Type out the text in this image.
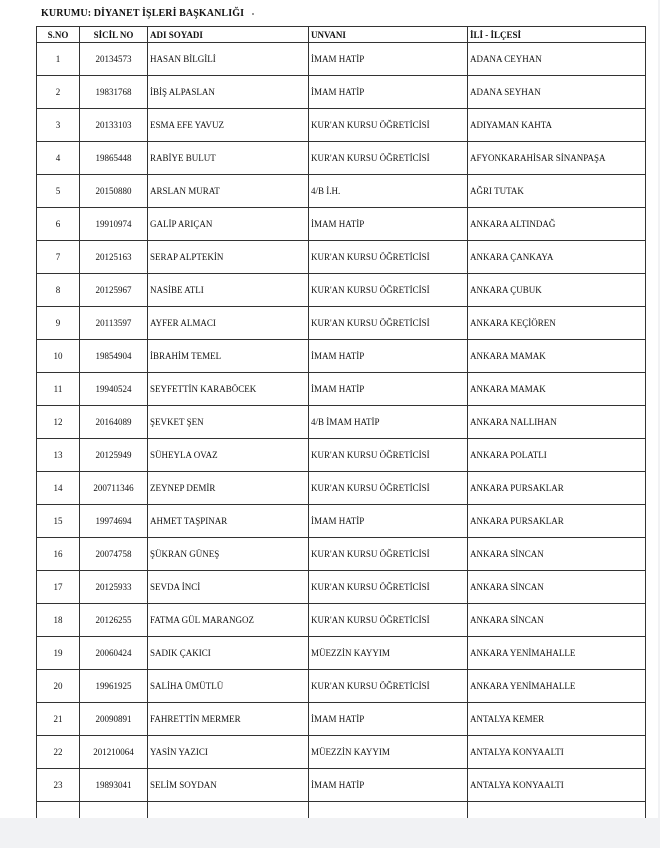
KURUMU: DİYANET İŞLERİ BAŞKANLIĞI
S.NO	SİCİL NO	ADI SOYADI	UNVANI	İLİ - İLÇESİ
1	20134573	HASAN BİLGİLİ	İMAM HATİP	ADANA CEYHAN
2	19831768	İBİŞ ALPASLAN	İMAM HATİP	ADANA SEYHAN
3	20133103	ESMA EFE YAVUZ	KUR'AN KURSU ÖĞRETİCİSİ	ADIYAMAN KAHTA
4	19865448	RABİYE BULUT	KUR'AN KURSU ÖĞRETİCİSİ	AFYONKARAHİSAR SİNANPAŞA
5	20150880	ARSLAN MURAT	4/B İ.H.	AĞRI TUTAK
6	19910974	GALİP ARIÇAN	İMAM HATİP	ANKARA ALTINDAĞ
7	20125163	SERAP ALPTEKİN	KUR'AN KURSU ÖĞRETİCİSİ	ANKARA ÇANKAYA
8	20125967	NASİBE ATLI	KUR'AN KURSU ÖĞRETİCİSİ	ANKARA ÇUBUK
9	20113597	AYFER ALMACI	KUR'AN KURSU ÖĞRETİCİSİ	ANKARA KEÇİÖREN
10	19854904	İBRAHİM TEMEL	İMAM HATİP	ANKARA MAMAK
11	19940524	SEYFETTİN KARABÖCEK	İMAM HATİP	ANKARA MAMAK
12	20164089	ŞEVKET ŞEN	4/B İMAM HATİP	ANKARA NALLIHAN
13	20125949	SÜHEYLA OVAZ	KUR'AN KURSU ÖĞRETİCİSİ	ANKARA POLATLI
14	200711346	ZEYNEP DEMİR	KUR'AN KURSU ÖĞRETİCİSİ	ANKARA PURSAKLAR
15	19974694	AHMET TAŞPINAR	İMAM HATİP	ANKARA PURSAKLAR
16	20074758	ŞÜKRAN GÜNEŞ	KUR'AN KURSU ÖĞRETİCİSİ	ANKARA SİNCAN
17	20125933	SEVDA İNCİ	KUR'AN KURSU ÖĞRETİCİSİ	ANKARA SİNCAN
18	20126255	FATMA GÜL MARANGOZ	KUR'AN KURSU ÖĞRETİCİSİ	ANKARA SİNCAN
19	20060424	SADIK ÇAKICI	MÜEZZİN KAYYIM	ANKARA YENİMAHALLE
20	19961925	SALİHA ÜMÜTLÜ	KUR'AN KURSU ÖĞRETİCİSİ	ANKARA YENİMAHALLE
21	20090891	FAHRETTİN MERMER	İMAM HATİP	ANTALYA KEMER
22	201210064	YASİN YAZICI	MÜEZZİN KAYYIM	ANTALYA KONYAALTI
23	19893041	SELİM SOYDAN	İMAM HATİP	ANTALYA KONYAALTI
